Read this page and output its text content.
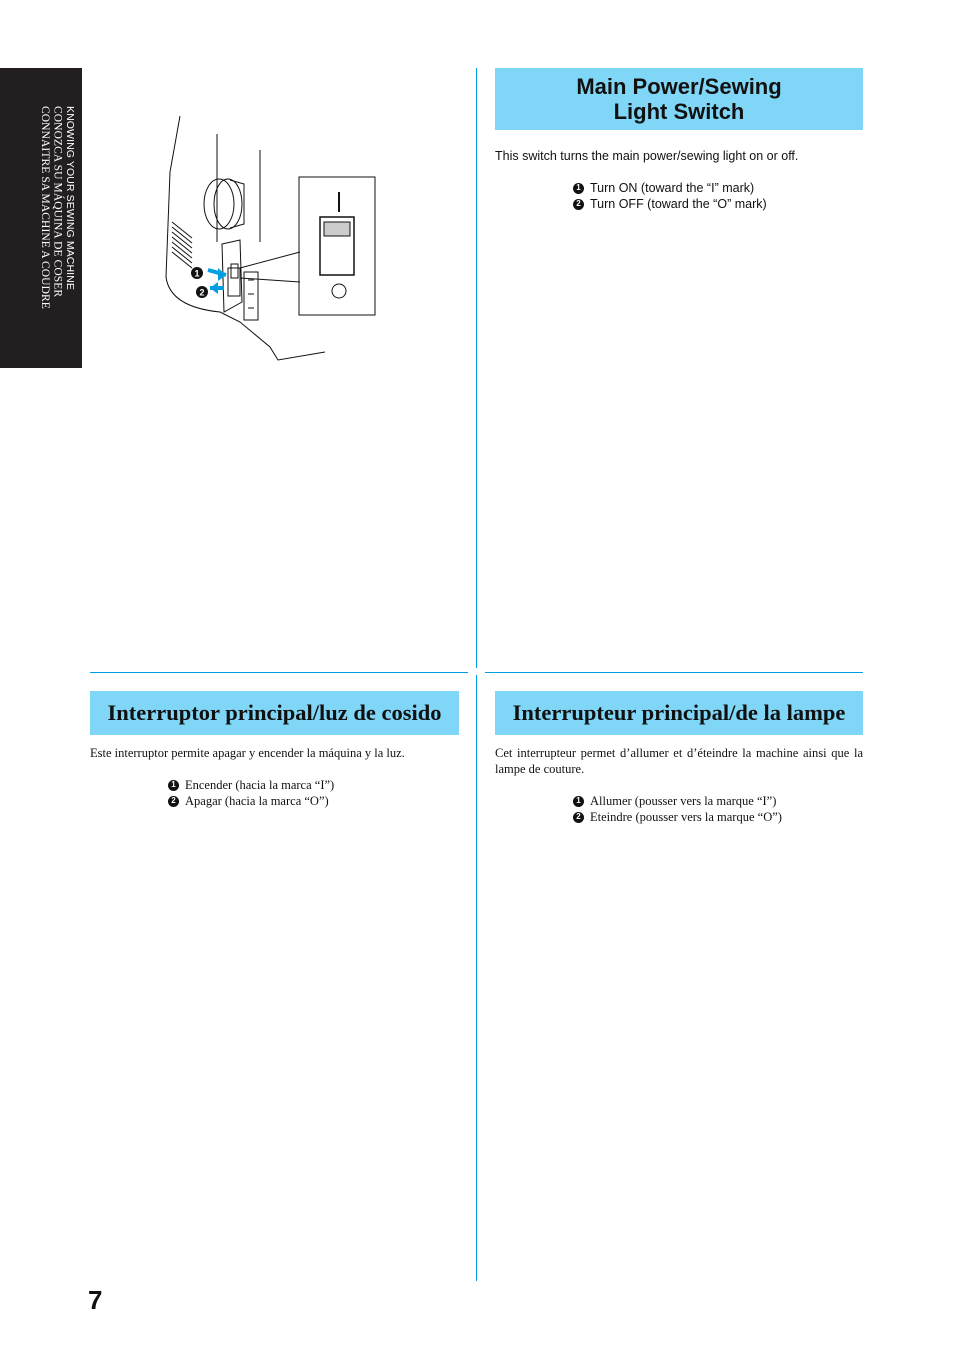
KNOWING YOUR SEWING MACHINE
CONOZCA SU MÁQUINA DE COSER
CONNAITRE SA MACHINE A COUDRE	1
2
Main Power/Sewing Light Switch
This switch turns the main power/sewing light on or off.
1 Turn ON (toward the “I” mark)
2 Turn OFF (toward the “O” mark)
Interruptor principal/luz de cosido
Este interruptor permite apagar y encender la máquina y la luz.
1 Encender (hacia la marca “I”)
2 Apagar (hacia la marca “O”)
Interrupteur principal/de la lampe
Cet interrupteur permet d’allumer et d’éteindre la machine ainsi que la lampe de couture.
1 Allumer (pousser vers la marque “I”)
2 Eteindre (pousser vers la marque “O”)
7
